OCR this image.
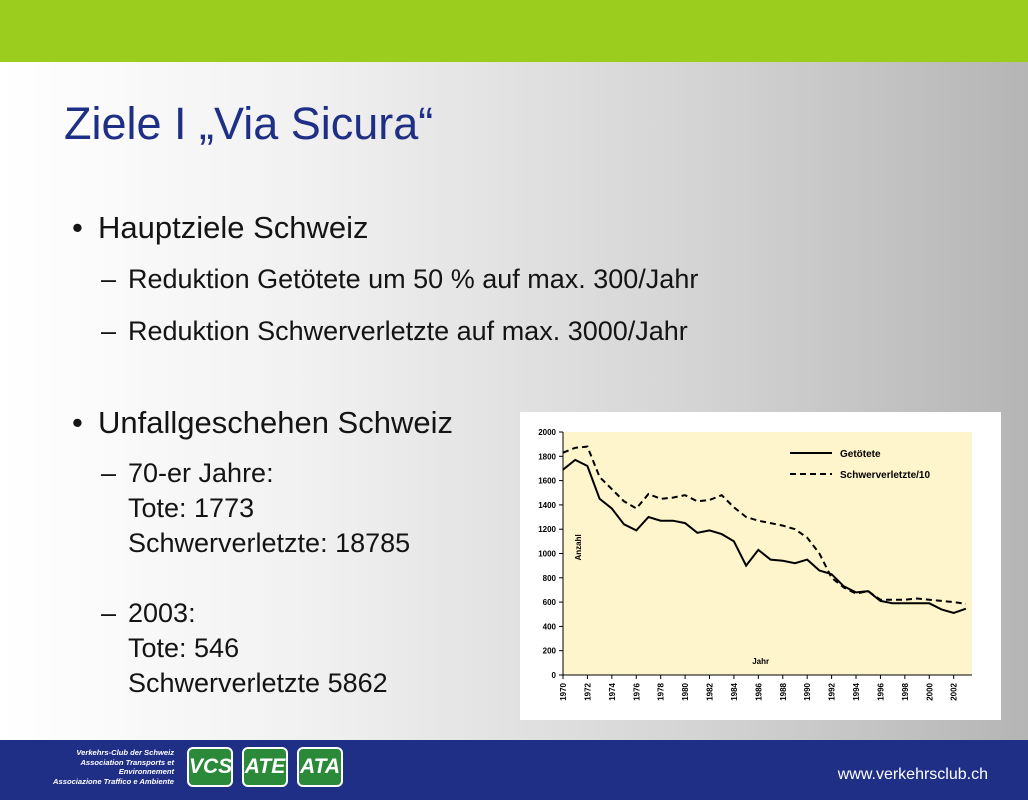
Ziele I „Via Sicura“
• Hauptziele Schweiz
– Reduktion Getötete um 50 % auf max. 300/Jahr
– Reduktion Schwerverletzte auf max. 3000/Jahr
• Unfallgeschehen Schweiz
– 70-er Jahre:
Tote: 1773
Schwerverletzte: 18785
– 2003:
Tote: 546
Schwerverletzte 5862	0
200
400
600
800
1000
1200
1400
1600
1800
2000
1970 1972 1974 1976 1978 1980 1982 1984 1986 1988 1990 1992 1994 1996 1998 2000 2002
Anzahl
Jahr
Getötete
Schwerverletzte/10
Verkehrs-Club der Schweiz
Association Transports et Environnement
Associazione Traffico e Ambiente
VCS ATE ATA	www.verkehrsclub.ch
